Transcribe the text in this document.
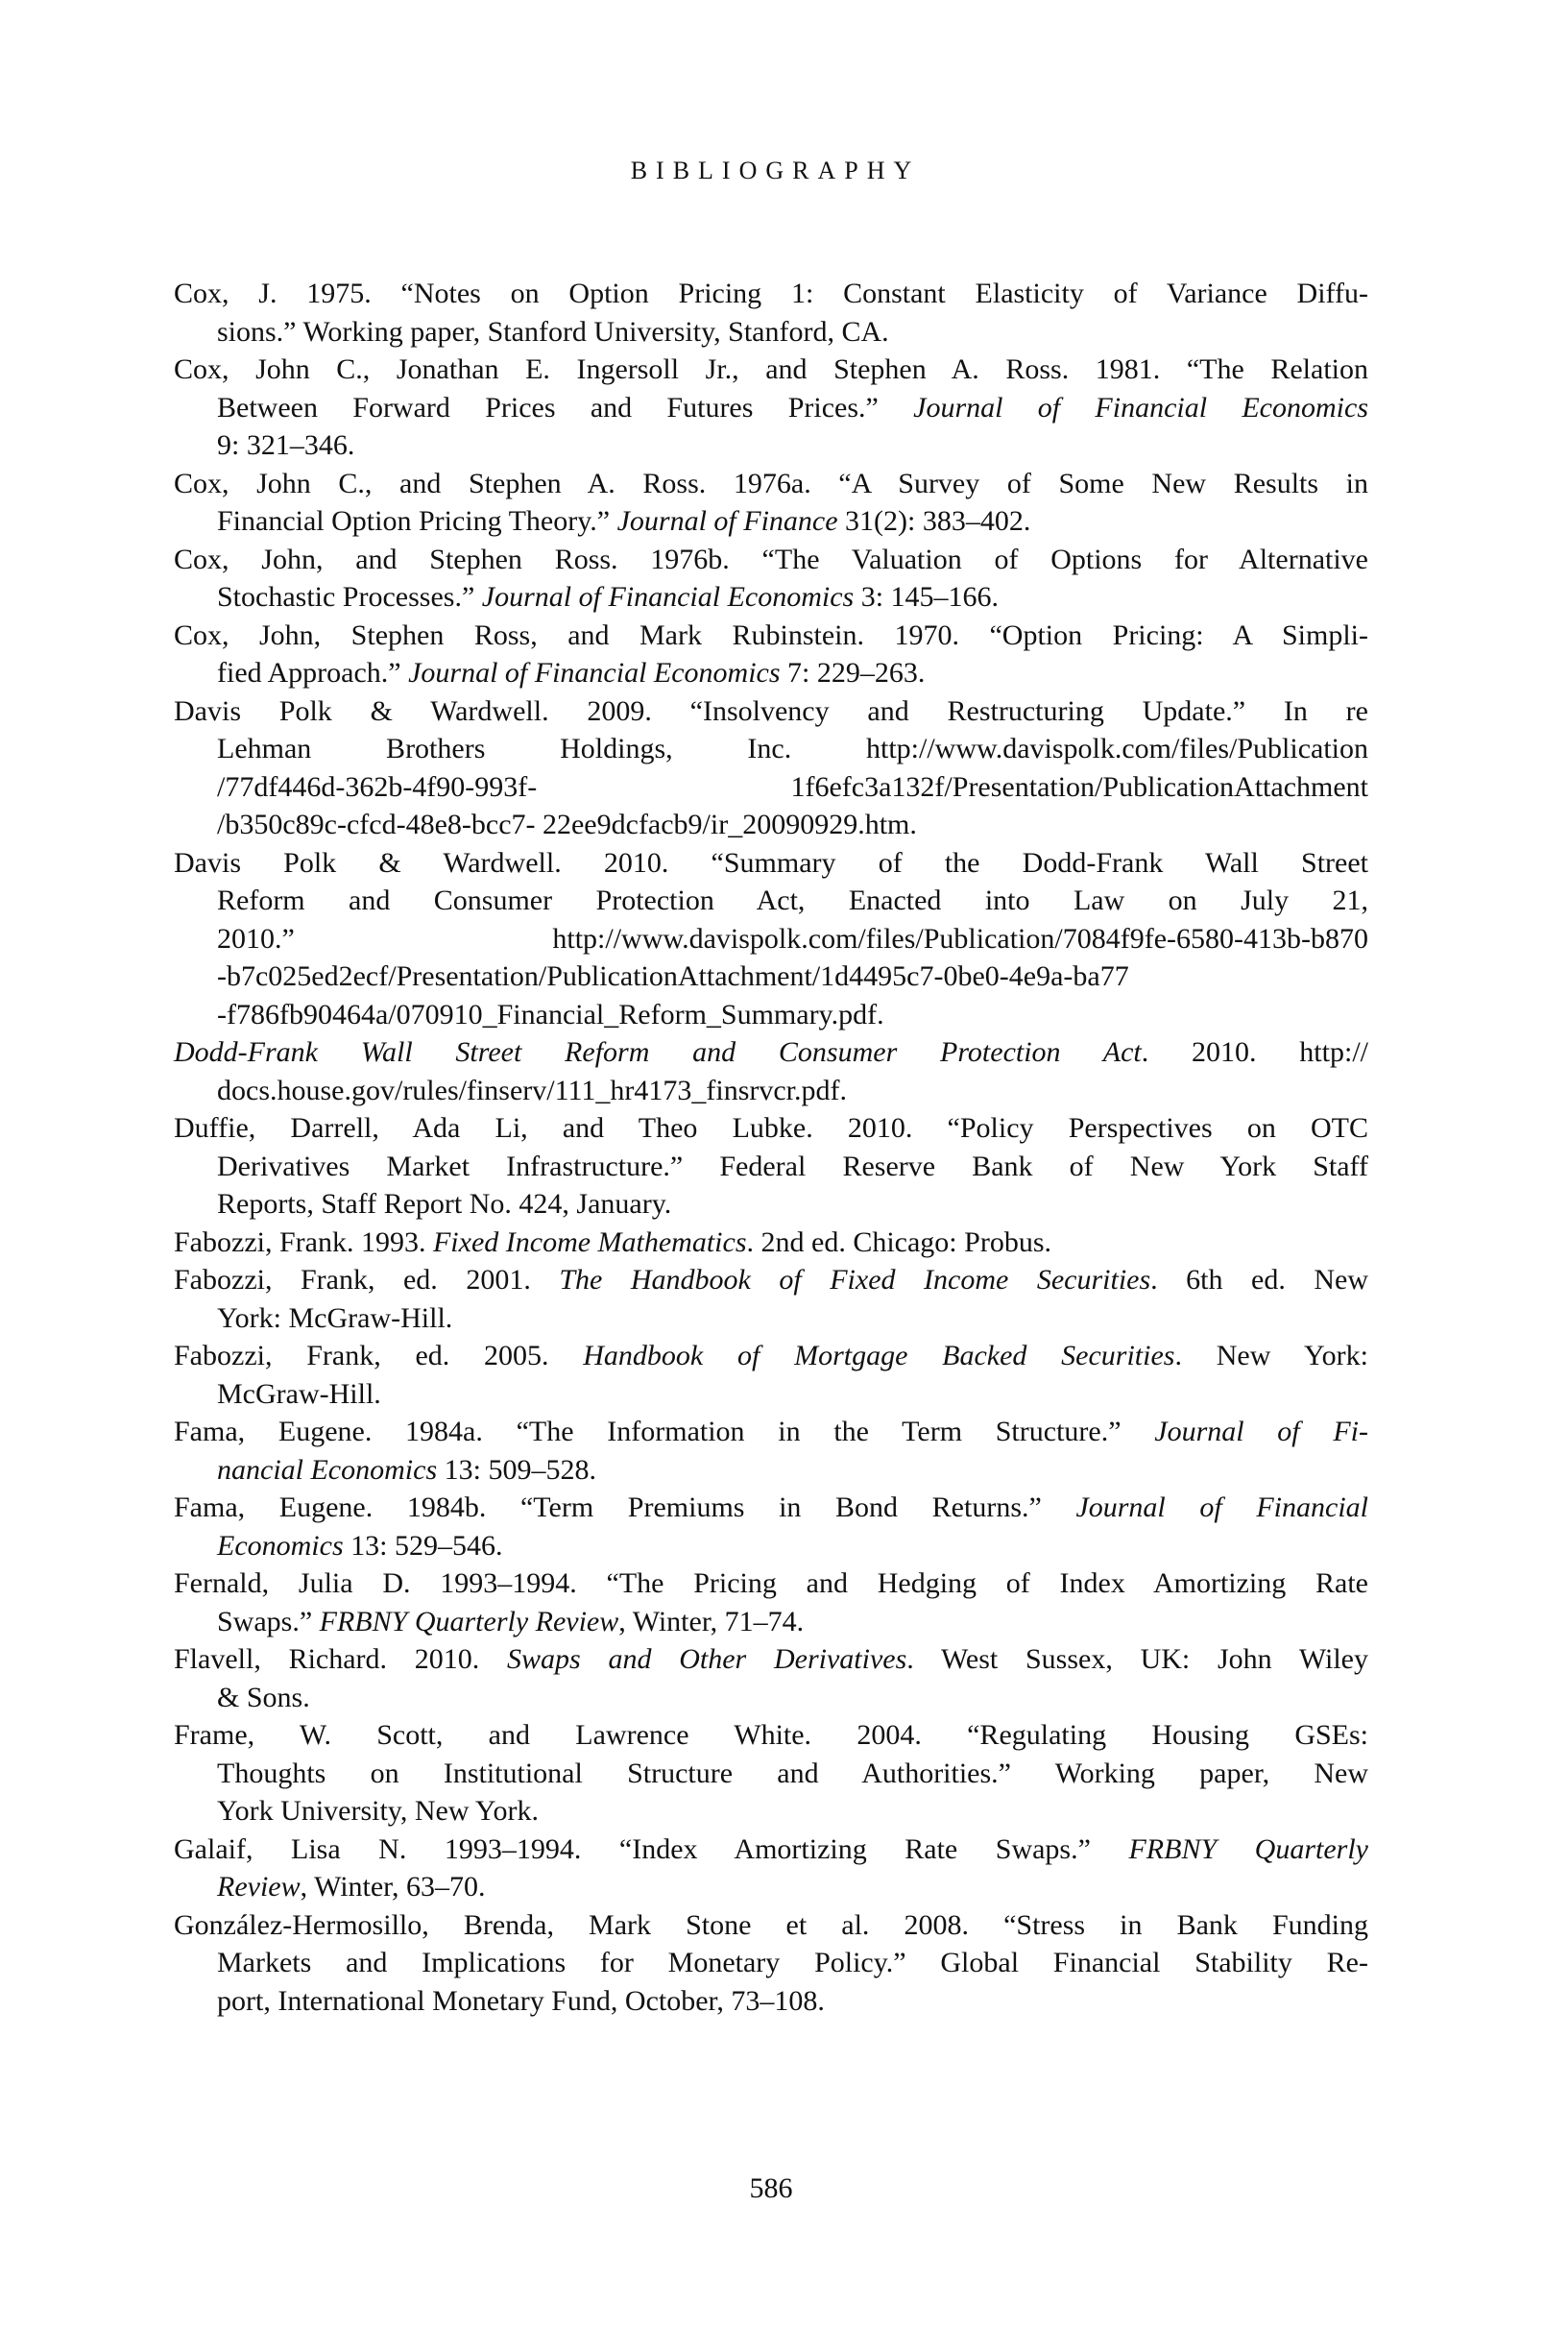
BIBLIOGRAPHY
Cox, J. 1975. “Notes on Option Pricing 1: Constant Elasticity of Variance Diffu-
sions.” Working paper, Stanford University, Stanford, CA.
Cox, John C., Jonathan E. Ingersoll Jr., and Stephen A. Ross. 1981. “The Relation
Between Forward Prices and Futures Prices.” Journal of Financial Economics
9: 321–346.
Cox, John C., and Stephen A. Ross. 1976a. “A Survey of Some New Results in
Financial Option Pricing Theory.” Journal of Finance 31(2): 383–402.
Cox, John, and Stephen Ross. 1976b. “The Valuation of Options for Alternative
Stochastic Processes.” Journal of Financial Economics 3: 145–166.
Cox, John, Stephen Ross, and Mark Rubinstein. 1970. “Option Pricing: A Simpli-
fied Approach.” Journal of Financial Economics 7: 229–263.
Davis Polk & Wardwell. 2009. “Insolvency and Restructuring Update.” In re
Lehman Brothers Holdings, Inc. http://www.davispolk.com/files/Publication
/77df446d-362b-4f90-993f- 1f6efc3a132f/Presentation/PublicationAttachment
/b350c89c-cfcd-48e8-bcc7- 22ee9dcfacb9/ir_20090929.htm.
Davis Polk & Wardwell. 2010. “Summary of the Dodd-Frank Wall Street
Reform and Consumer Protection Act, Enacted into Law on July 21,
2010.” http://www.davispolk.com/files/Publication/7084f9fe-6580-413b-b870
-b7c025ed2ecf/Presentation/PublicationAttachment/1d4495c7-0be0-4e9a-ba77
-f786fb90464a/070910_Financial_Reform_Summary.pdf.
Dodd-Frank Wall Street Reform and Consumer Protection Act. 2010. http://
docs.house.gov/rules/finserv/111_hr4173_finsrvcr.pdf.
Duffie, Darrell, Ada Li, and Theo Lubke. 2010. “Policy Perspectives on OTC
Derivatives Market Infrastructure.” Federal Reserve Bank of New York Staff
Reports, Staff Report No. 424, January.
Fabozzi, Frank. 1993. Fixed Income Mathematics. 2nd ed. Chicago: Probus.
Fabozzi, Frank, ed. 2001. The Handbook of Fixed Income Securities. 6th ed. New
York: McGraw-Hill.
Fabozzi, Frank, ed. 2005. Handbook of Mortgage Backed Securities. New York:
McGraw-Hill.
Fama, Eugene. 1984a. “The Information in the Term Structure.” Journal of Fi-
nancial Economics 13: 509–528.
Fama, Eugene. 1984b. “Term Premiums in Bond Returns.” Journal of Financial
Economics 13: 529–546.
Fernald, Julia D. 1993–1994. “The Pricing and Hedging of Index Amortizing Rate
Swaps.” FRBNY Quarterly Review, Winter, 71–74.
Flavell, Richard. 2010. Swaps and Other Derivatives. West Sussex, UK: John Wiley
& Sons.
Frame, W. Scott, and Lawrence White. 2004. “Regulating Housing GSEs:
Thoughts on Institutional Structure and Authorities.” Working paper, New
York University, New York.
Galaif, Lisa N. 1993–1994. “Index Amortizing Rate Swaps.” FRBNY Quarterly
Review, Winter, 63–70.
González-Hermosillo, Brenda, Mark Stone et al. 2008. “Stress in Bank Funding
Markets and Implications for Monetary Policy.” Global Financial Stability Re-
port, International Monetary Fund, October, 73–108.
586
